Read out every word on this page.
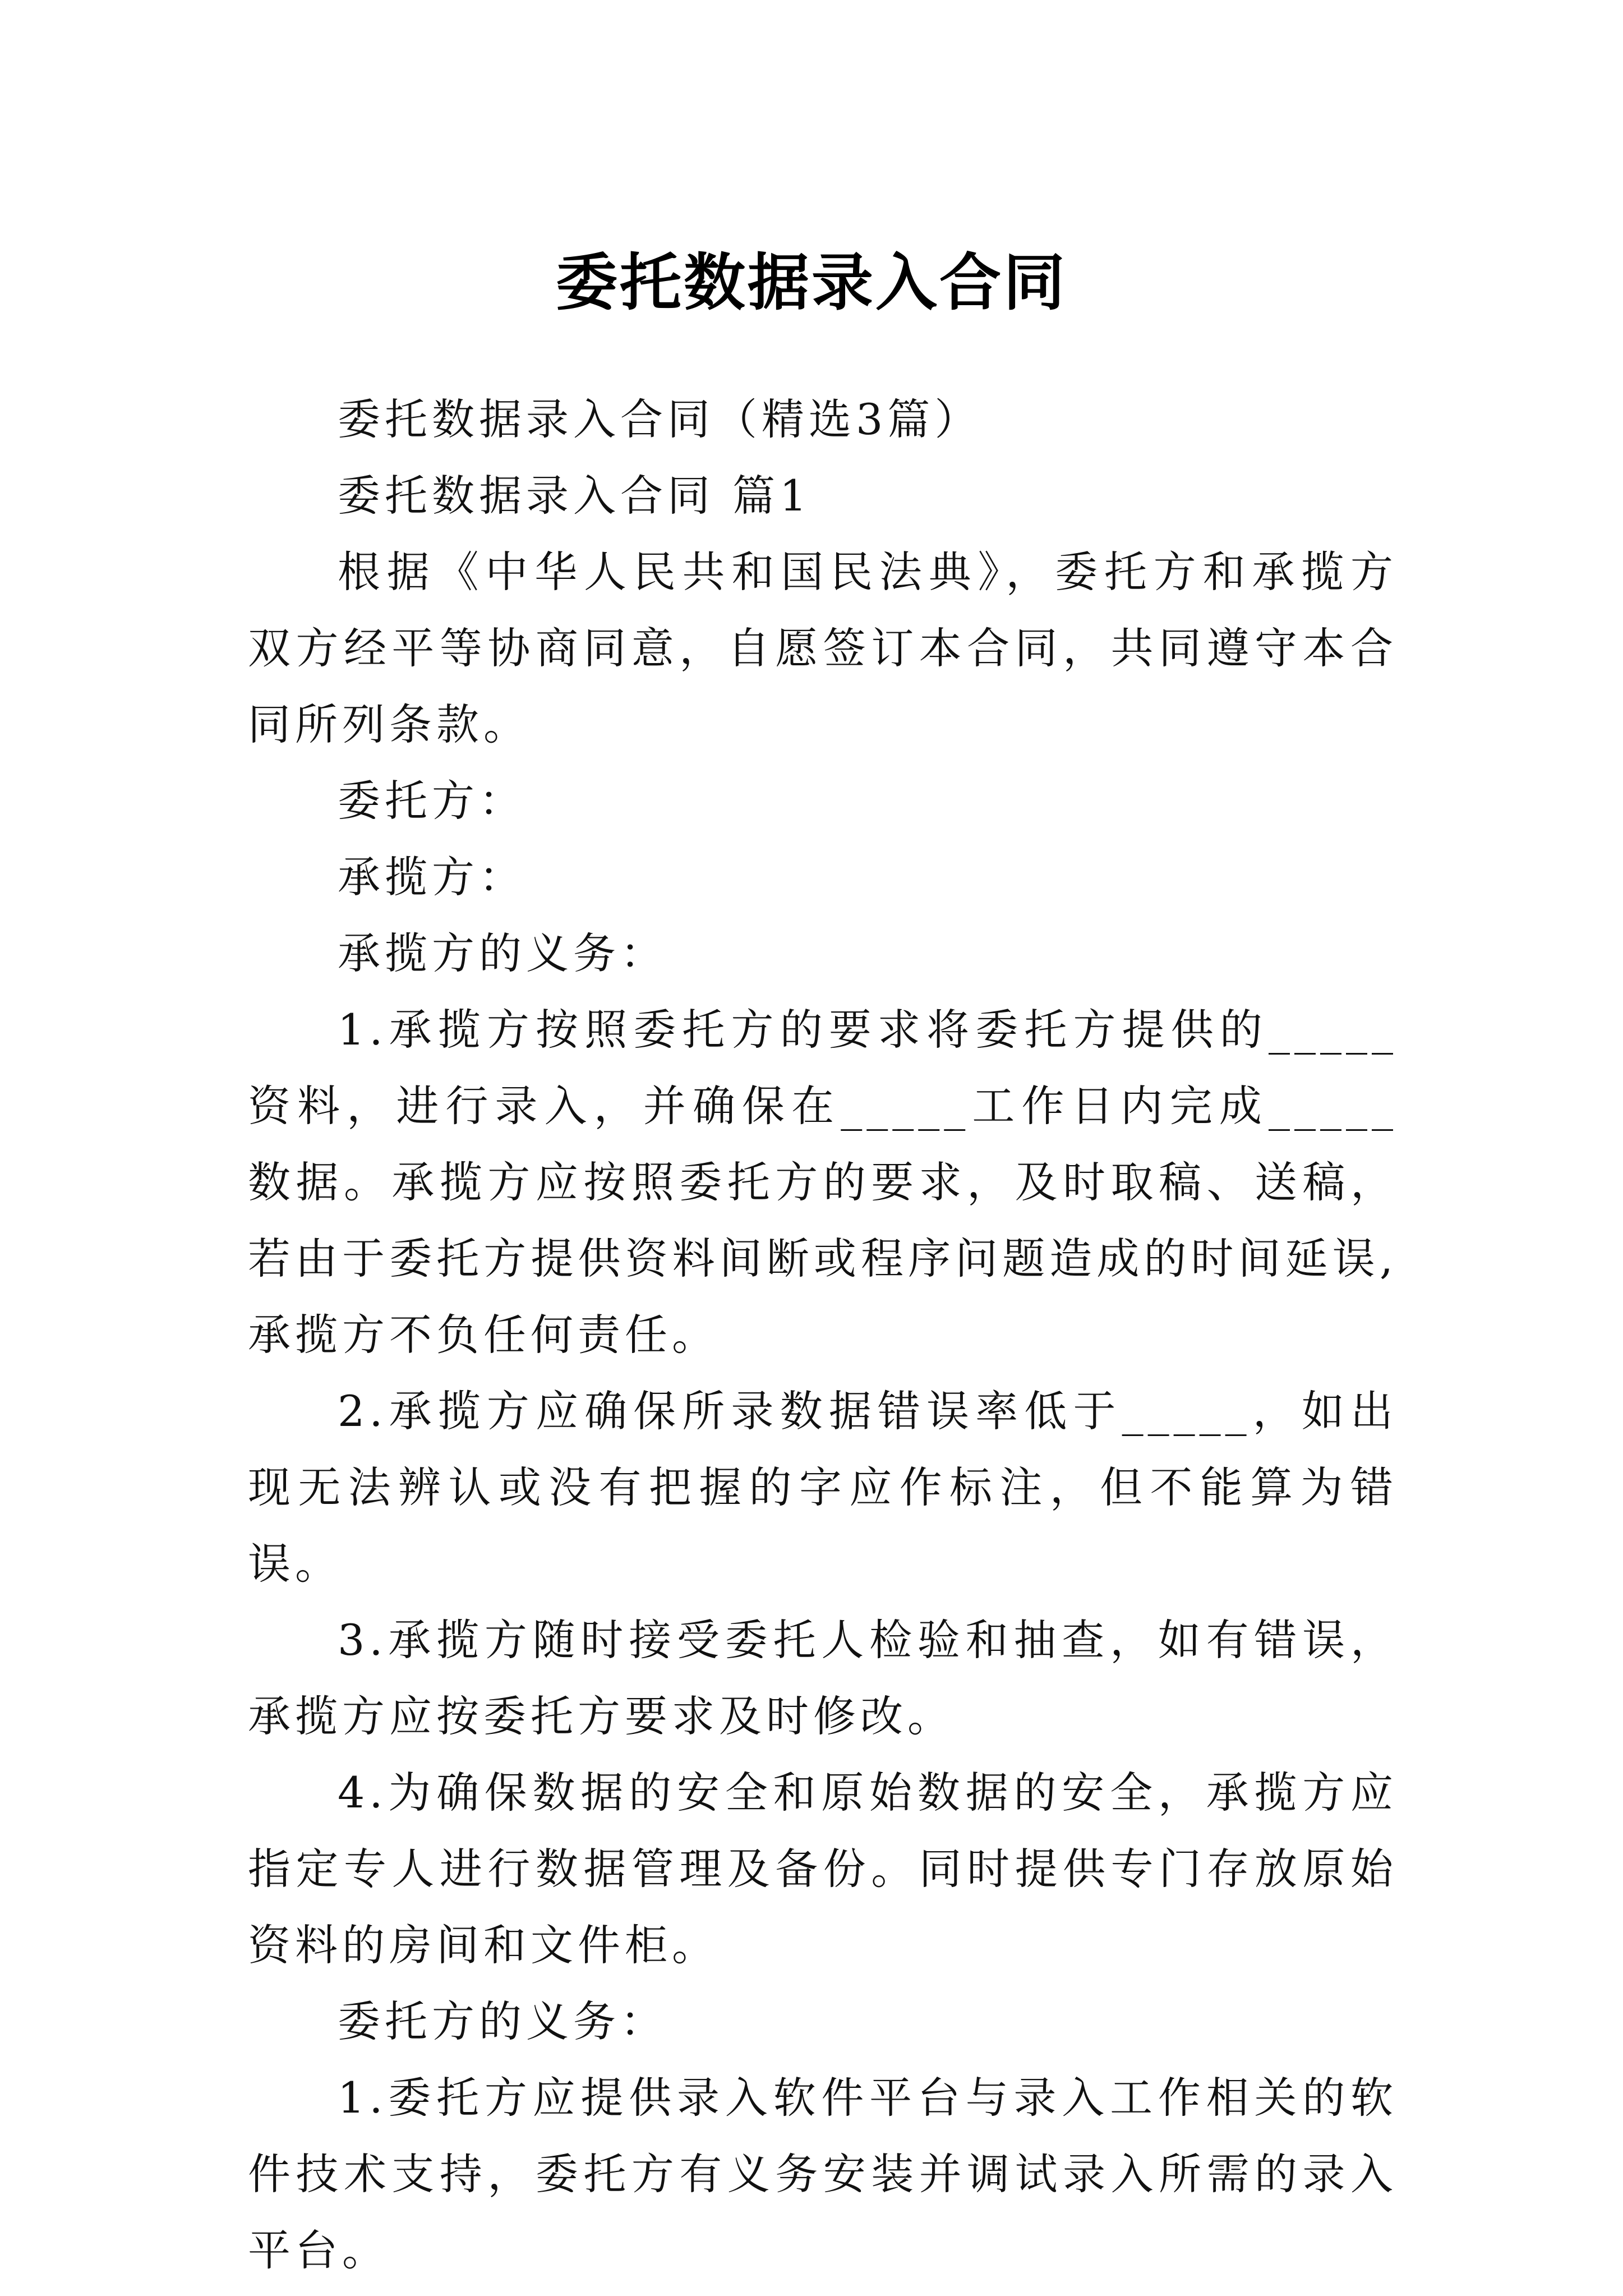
委托数据录入合同

委托数据录入合同（精选3篇）

委托数据录入合同 篇1

根据《中华人民共和国民法典》，委托方和承揽方双方经平等协商同意，自愿签订本合同，共同遵守本合同所列条款。

委托方：

承揽方：

承揽方的义务：

1.承揽方按照委托方的要求将委托方提供的_____资料，进行录入，并确保在_____工作日内完成_____数据。承揽方应按照委托方的要求，及时取稿、送稿，若由于委托方提供资料间断或程序问题造成的时间延误,承揽方不负任何责任。

2.承揽方应确保所录数据错误率低于_____，如出现无法辨认或没有把握的字应作标注，但不能算为错误。

3.承揽方随时接受委托人检验和抽查，如有错误，承揽方应按委托方要求及时修改。

4.为确保数据的安全和原始数据的安全，承揽方应指定专人进行数据管理及备份。同时提供专门存放原始资料的房间和文件柜。

委托方的义务：

1.委托方应提供录入软件平台与录入工作相关的软件技术支持，委托方有义务安装并调试录入所需的录入平台。
